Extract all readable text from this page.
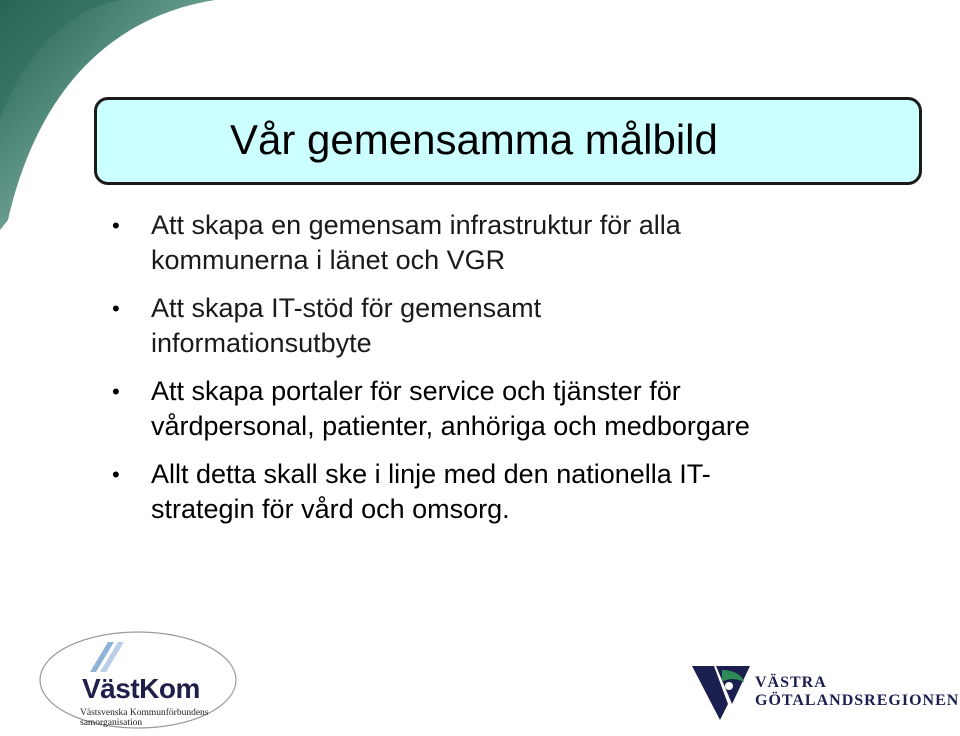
Vår gemensamma målbild
• Att skapa en gemensam infrastruktur för alla
kommunerna i länet och VGR
• Att skapa IT-stöd för gemensamt
informationsutbyte
• Att skapa portaler för service och tjänster för
vårdpersonal, patienter, anhöriga och medborgare
• Allt detta skall ske i linje med den nationella IT-
strategin för vård och omsorg.
VästKom
Västsvenska Kommunförbundens
samorganisation
VÄSTRA
GÖTALANDSREGIONEN
